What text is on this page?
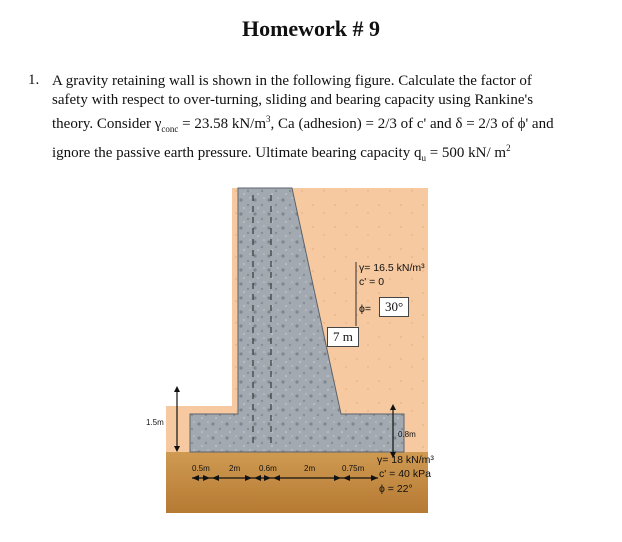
Homework # 9
1. A gravity retaining wall is shown in the following figure. Calculate the factor of
safety with respect to over-turning, sliding and bearing capacity using Rankine's
theory. Consider $\gamma_{conc} = 23.58$ $kN/m^3$, Ca (adhesion) = 2/3 of c' and δ = 2/3 of ϕ' and
ignore the passive earth pressure. Ultimate bearing capacity $q_u = 500$ kN/ $m^2$
1.5m
0.8m
0.5m 2m 0.6m	2m	0.75m
γ= 16.5 kN/m³
c' = 0
ϕ=	30°
7 m
γ= 18 kN/m³
c' = 40 kPa
ϕ = 22°
